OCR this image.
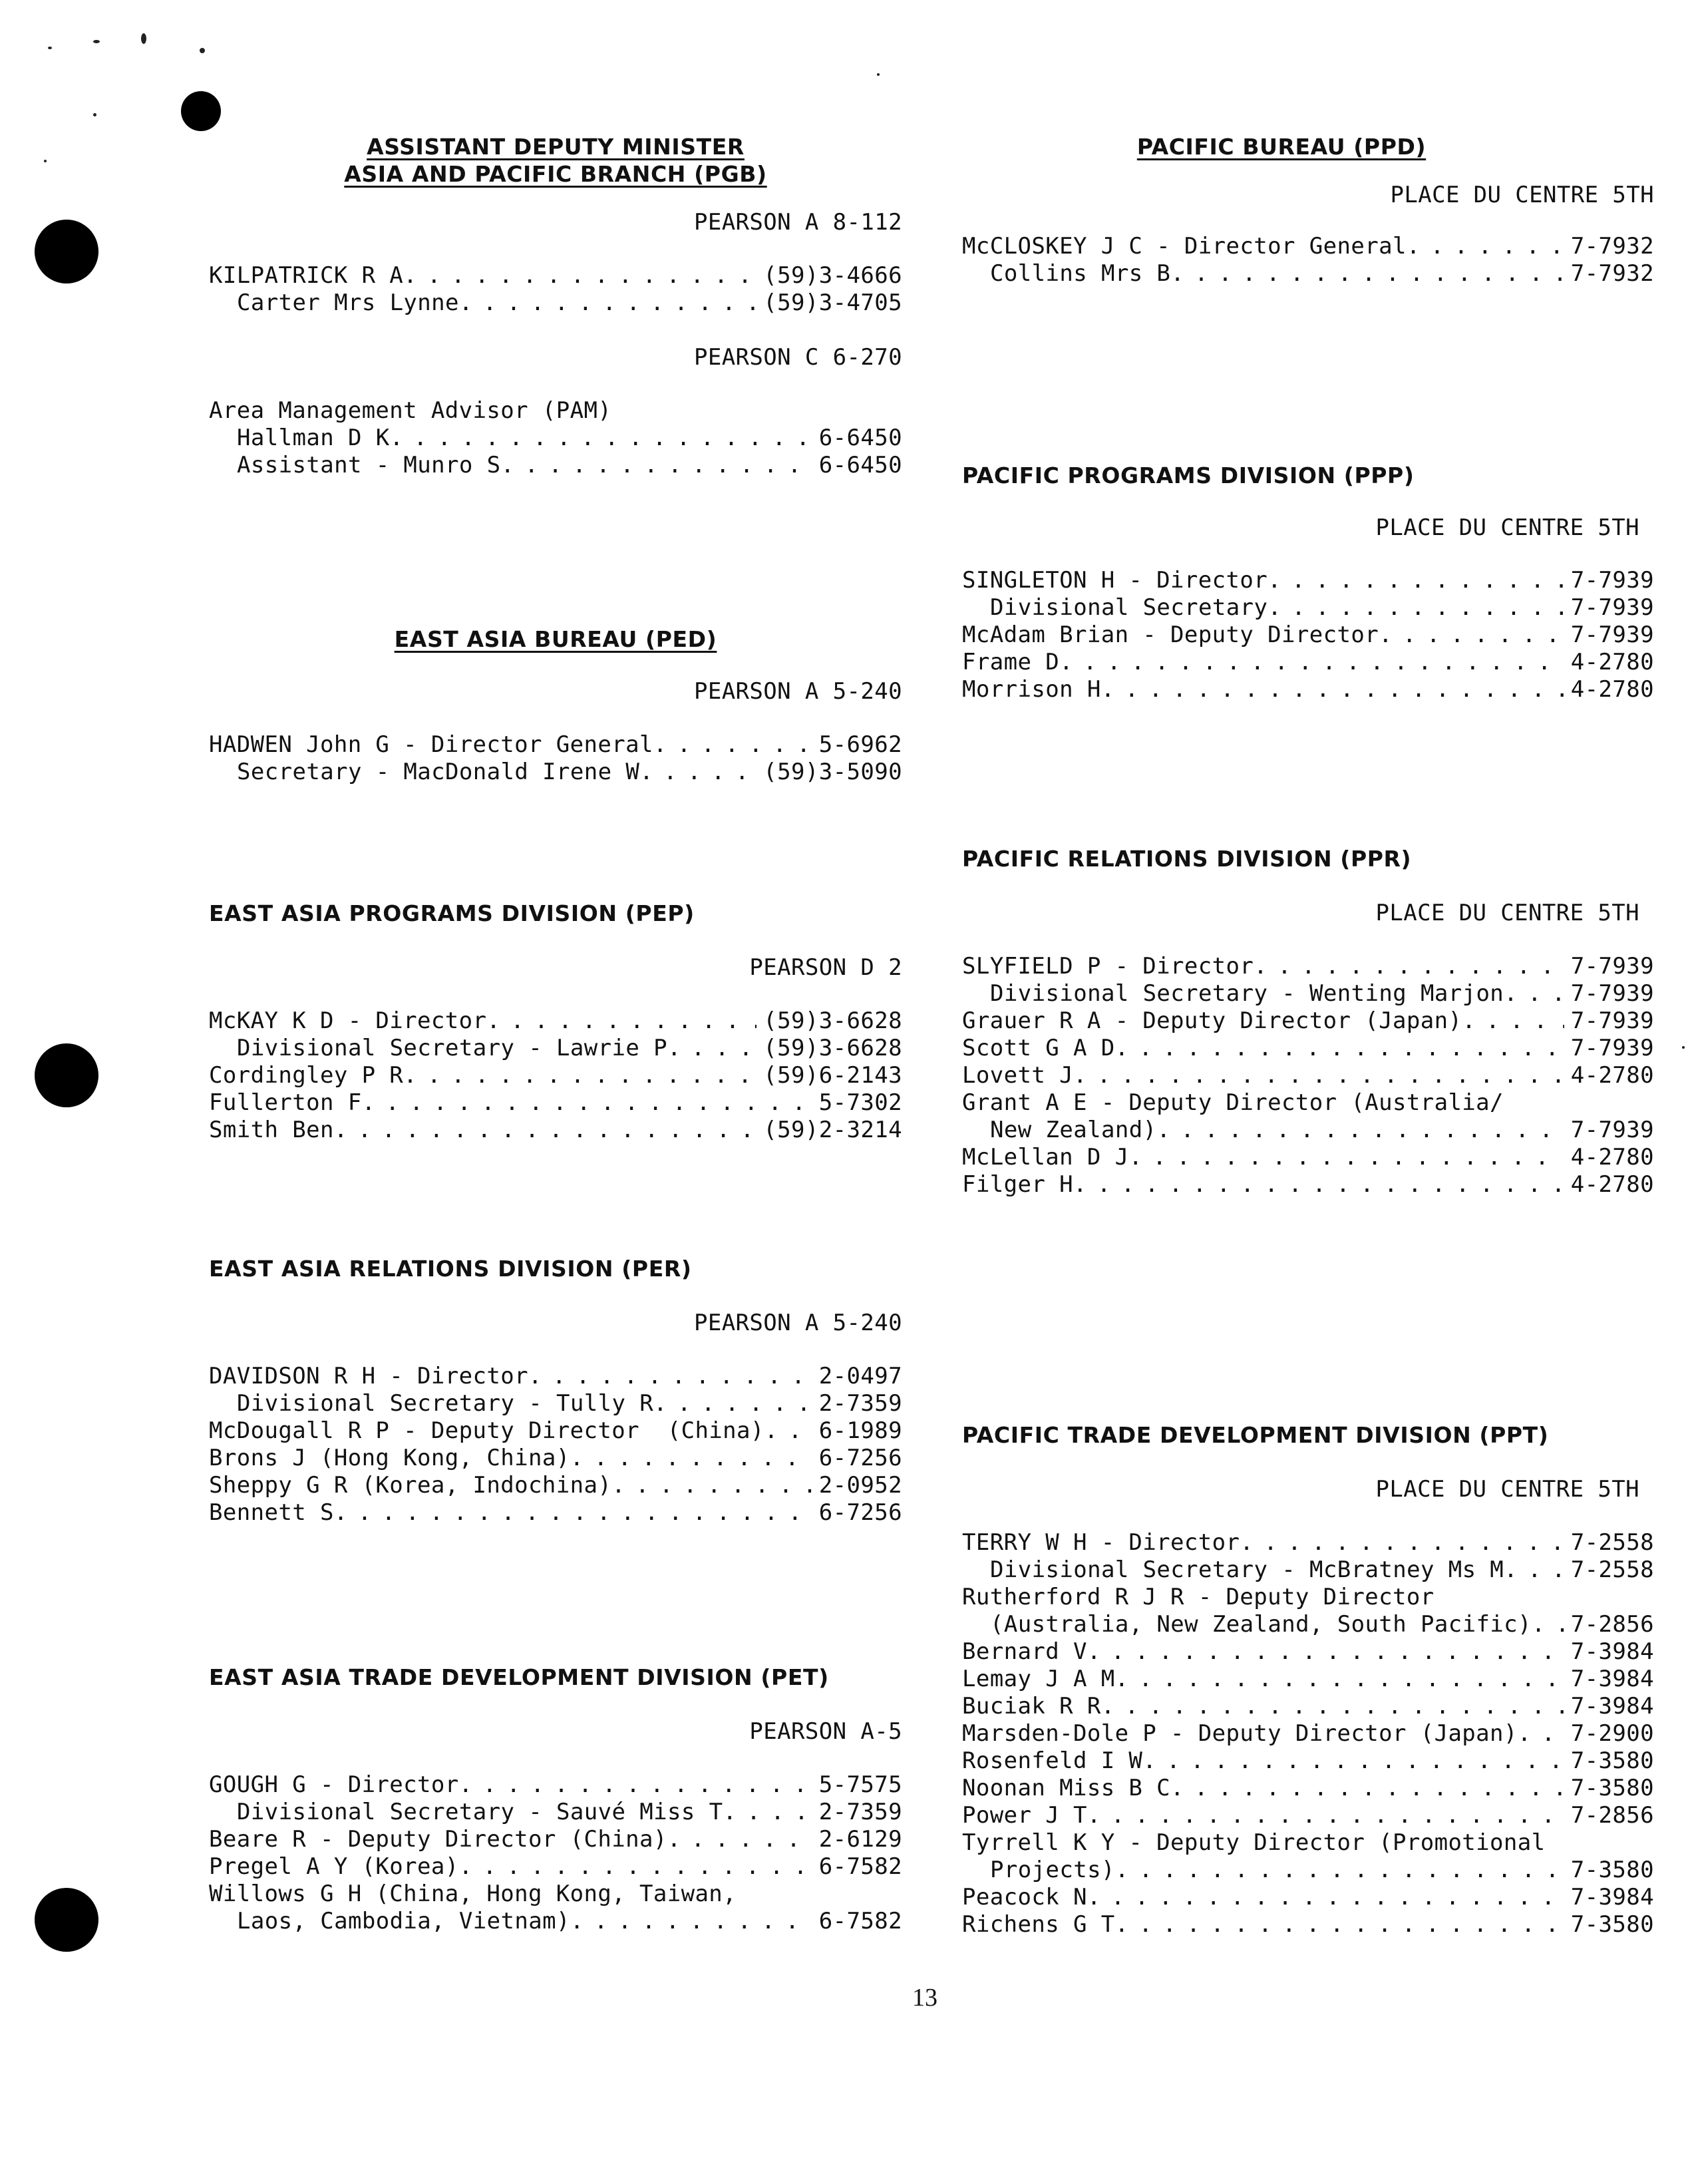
ASSISTANT DEPUTY MINISTER
ASIA AND PACIFIC BRANCH (PGB)
PEARSON A 8-112
KILPATRICK R A . . .	(59)3-4666
Carter Mrs Lynne . . .	(59)3-4705
PEARSON C 6-270
Area Management Advisor (PAM)
Hallman D K . . .	6-6450
Assistant - Munro S . . .	6-6450
EAST ASIA BUREAU (PED)
PEARSON A 5-240
HADWEN John G - Director General . . .	5-6962
Secretary - MacDonald Irene W . . .	(59)3-5090
EAST ASIA PROGRAMS DIVISION (PEP)
PEARSON D 2
McKAY K D - Director . . .	(59)3-6628
Divisional Secretary - Lawrie P . . .	(59)3-6628
Cordingley P R . . .	(59)6-2143
Fullerton F . . .	5-7302
Smith Ben . . .	(59)2-3214
EAST ASIA RELATIONS DIVISION (PER)
PEARSON A 5-240
DAVIDSON R H - Director . . .	2-0497
Divisional Secretary - Tully R . . .	2-7359
McDougall R P - Deputy Director  (China) . . . 6-1989
Brons J (Hong Kong, China) . . .	6-7256
Sheppy G R (Korea, Indochina) . . .	2-0952
Bennett S . . .	6-7256
EAST ASIA TRADE DEVELOPMENT DIVISION (PET)
PEARSON A-5
GOUGH G - Director . . .	5-7575
Divisional Secretary - Sauvé Miss T . . .	2-7359
Beare R - Deputy Director (China) . . .	2-6129
Pregel A Y (Korea) . . .	6-7582
Willows G H (China, Hong Kong, Taiwan,
Laos, Cambodia, Vietnam) . . .	6-7582
PACIFIC BUREAU (PPD)
PLACE DU CENTRE 5TH
McCLOSKEY J C - Director General . . .	7-7932
Collins Mrs B . . .	7-7932
PACIFIC PROGRAMS DIVISION (PPP)
PLACE DU CENTRE 5TH
SINGLETON H - Director . . .	7-7939
Divisional Secretary . . .	7-7939
McAdam Brian - Deputy Director . . .	7-7939
Frame D . . .	4-2780
Morrison H . . .	4-2780
PACIFIC RELATIONS DIVISION (PPR)
PLACE DU CENTRE 5TH
SLYFIELD P - Director . . .	7-7939
Divisional Secretary - Wenting Marjon . . .	7-7939
Grauer R A - Deputy Director (Japan) . . .	7-7939
Scott G A D . . .	7-7939
Lovett J . . .	4-2780
Grant A E - Deputy Director (Australia/
New Zealand) . . .	7-7939
McLellan D J . . .	4-2780
Filger H . . .	4-2780
PACIFIC TRADE DEVELOPMENT DIVISION (PPT)
PLACE DU CENTRE 5TH
TERRY W H - Director . . .	7-2558
Divisional Secretary - McBratney Ms M . . .	7-2558
Rutherford R J R - Deputy Director
(Australia, New Zealand, South Pacific) . . . 7-2856
Bernard V . . .	7-3984
Lemay J A M . . .	7-3984
Buciak R R . . .	7-3984
Marsden-Dole P - Deputy Director (Japan) . . . 7-2900
Rosenfeld I W . . .	7-3580
Noonan Miss B C . . .	7-3580
Power J T . . .	7-2856
Tyrrell K Y - Deputy Director (Promotional
Projects) . . .	7-3580
Peacock N . . .	7-3984
Richens G T . . .	7-3580
13
